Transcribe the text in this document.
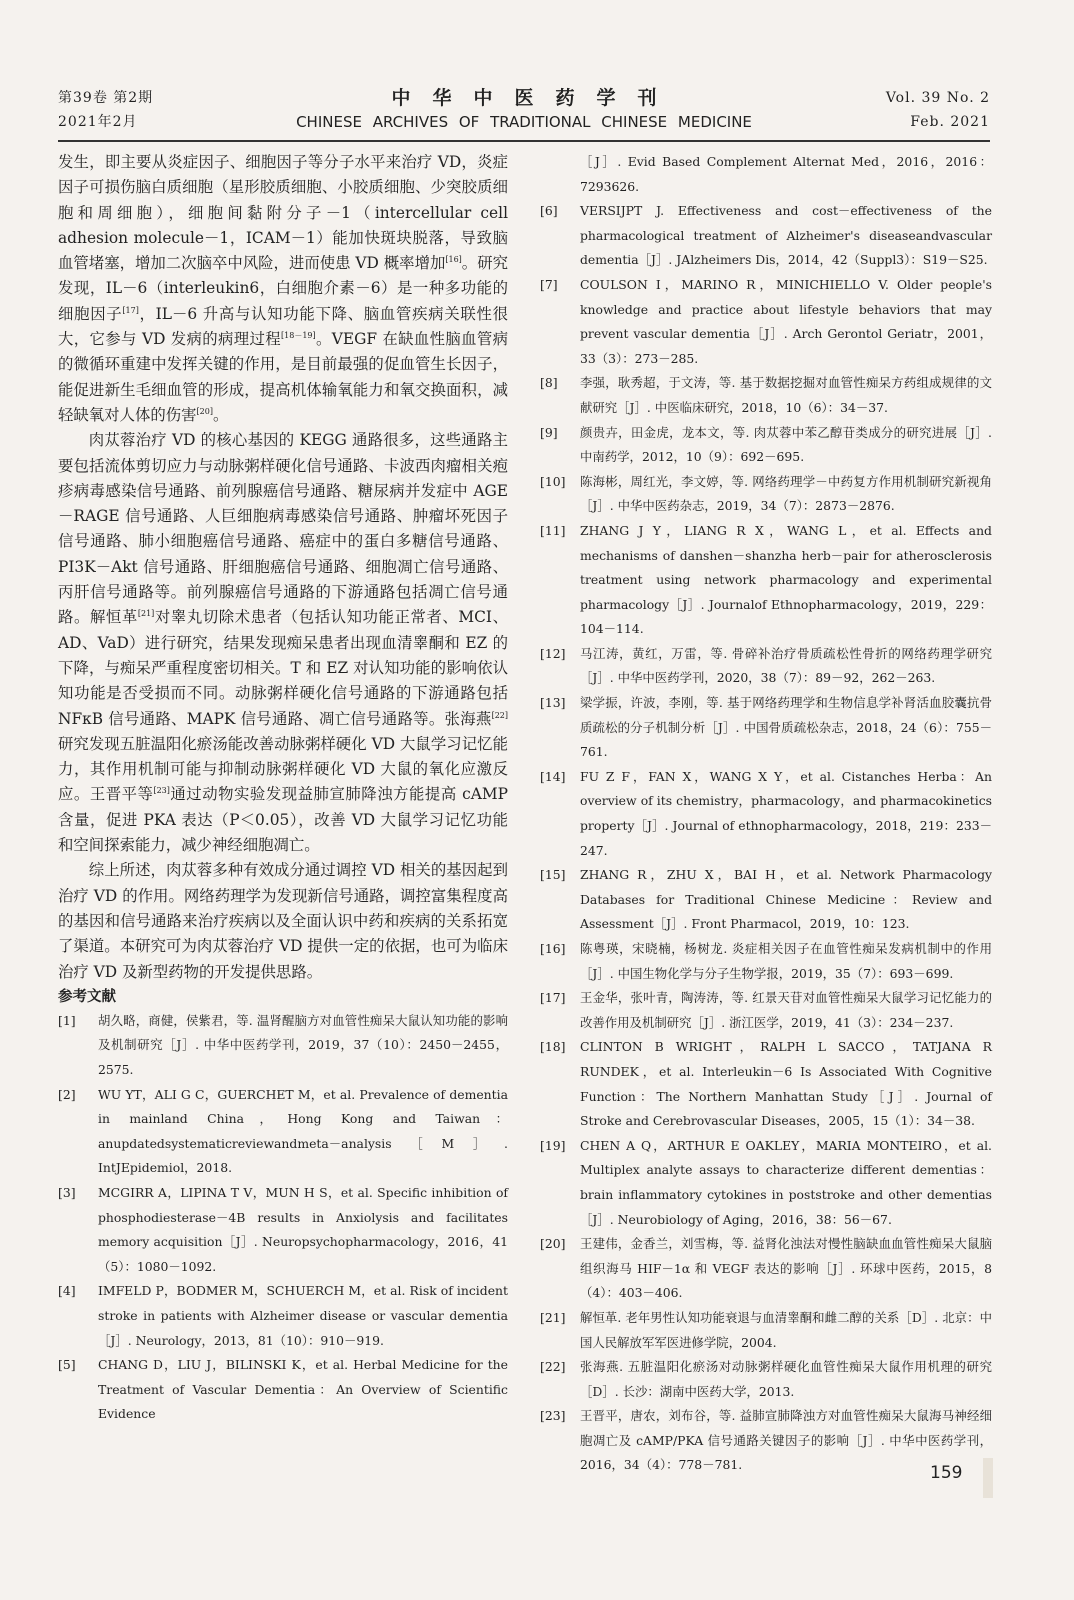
第39卷 第2期
2021年2月
中华中医药学刊
CHINESE ARCHIVES OF TRADITIONAL CHINESE MEDICINE
Vol. 39 No. 2
Feb. 2021

发生，即主要从炎症因子、细胞因子等分子水平来治疗 VD，炎症因子可损伤脑白质细胞（星形胶质细胞、小胶质细胞、少突胶质细胞和周细胞），细胞间黏附分子－1（intercellular cell adhesion molecule－1，ICAM－1）能加快斑块脱落，导致脑血管堵塞，增加二次脑卒中风险，进而使患 VD 概率增加[16]。研究发现，IL－6（interleukin6，白细胞介素－6）是一种多功能的细胞因子[17]，IL－6 升高与认知功能下降、脑血管疾病关联性很大，它参与 VD 发病的病理过程[18－19]。VEGF 在缺血性脑血管病的微循环重建中发挥关键的作用，是目前最强的促血管生长因子，能促进新生毛细血管的形成，提高机体输氧能力和氧交换面积，减轻缺氧对人体的伤害[20]。

肉苁蓉治疗 VD 的核心基因的 KEGG 通路很多，这些通路主要包括流体剪切应力与动脉粥样硬化信号通路、卡波西肉瘤相关疱疹病毒感染信号通路、前列腺癌信号通路、糖尿病并发症中 AGE－RAGE 信号通路、人巨细胞病毒感染信号通路、肿瘤坏死因子信号通路、肺小细胞癌信号通路、癌症中的蛋白多糖信号通路、PI3K－Akt 信号通路、肝细胞癌信号通路、细胞凋亡信号通路、丙肝信号通路等。前列腺癌信号通路的下游通路包括凋亡信号通路。解恒革[21]对睾丸切除术患者（包括认知功能正常者、MCI、AD、VaD）进行研究，结果发现痴呆患者出现血清睾酮和 EZ 的下降，与痴呆严重程度密切相关。T 和 EZ 对认知功能的影响依认知功能是否受损而不同。动脉粥样硬化信号通路的下游通路包括 NFκB 信号通路、MAPK 信号通路、凋亡信号通路等。张海燕[22]研究发现五脏温阳化瘀汤能改善动脉粥样硬化 VD 大鼠学习记忆能力，其作用机制可能与抑制动脉粥样硬化 VD 大鼠的氧化应激反应。王晋平等[23]通过动物实验发现益肺宣肺降浊方能提高 cAMP 含量，促进 PKA 表达（P＜0.05），改善 VD 大鼠学习记忆功能和空间探索能力，减少神经细胞凋亡。

综上所述，肉苁蓉多种有效成分通过调控 VD 相关的基因起到治疗 VD 的作用。网络药理学为发现新信号通路，调控富集程度高的基因和信号通路来治疗疾病以及全面认识中药和疾病的关系拓宽了渠道。本研究可为肉苁蓉治疗 VD 提供一定的依据，也可为临床治疗 VD 及新型药物的开发提供思路。

参考文献

[1]	胡久略，商健，侯紫君，等. 温肾醒脑方对血管性痴呆大鼠认知功能的影响及机制研究［J］. 中华中医药学刊，2019，37（10）：2450－2455，2575.
[2]	WU YT，ALI G C，GUERCHET M，et al. Prevalence of dementia in mainland China，Hong Kong and Taiwan：anupdatedsystematicreviewandmeta－analysis［M］. IntJEpidemiol，2018.
[3]	MCGIRR A，LIPINA T V，MUN H S，et al. Specific inhibition of phosphodiesterase－4B results in Anxiolysis and facilitates memory acquisition［J］. Neuropsychopharmacology，2016，41（5）：1080－1092.
[4]	IMFELD P，BODMER M，SCHUERCH M，et al. Risk of incident stroke in patients with Alzheimer disease or vascular dementia［J］. Neurology，2013，81（10）：910－919.
[5]	CHANG D，LIU J，BILINSKI K，et al. Herbal Medicine for the Treatment of Vascular Dementia：An Overview of Scientific Evidence
［J］. Evid Based Complement Alternat Med，2016，2016：7293626.
[6]	VERSIJPT J. Effectiveness and cost－effectiveness of the pharmacological treatment of Alzheimer's diseaseandvascular dementia［J］. JAlzheimers Dis，2014，42（Suppl3）：S19－S25.
[7]	COULSON I，MARINO R，MINICHIELLO V. Older people's knowledge and practice about lifestyle behaviors that may prevent vascular dementia［J］. Arch Gerontol Geriatr，2001，33（3）：273－285.
[8]	李强，耿秀超，于文涛，等. 基于数据挖掘对血管性痴呆方药组成规律的文献研究［J］. 中医临床研究，2018，10（6）：34－37.
[9]	颜贵卉，田金虎，龙本文，等. 肉苁蓉中苯乙醇苷类成分的研究进展［J］. 中南药学，2012，10（9）：692－695.
[10]	陈海彬，周红光，李文婷，等. 网络药理学－中药复方作用机制研究新视角［J］. 中华中医药杂志，2019，34（7）：2873－2876.
[11]	ZHANG J Y，LIANG R X，WANG L，et al. Effects and mechanisms of danshen－shanzha herb－pair for atherosclerosis treatment using network pharmacology and experimental pharmacology［J］. Journalof Ethnopharmacology，2019，229：104－114.
[12]	马江涛，黄红，万雷，等. 骨碎补治疗骨质疏松性骨折的网络药理学研究［J］. 中华中医药学刊，2020，38（7）：89－92，262－263.
[13]	梁学振，许波，李刚，等. 基于网络药理学和生物信息学补肾活血胶囊抗骨质疏松的分子机制分析［J］. 中国骨质疏松杂志，2018，24（6）：755－761.
[14]	FU Z F，FAN X，WANG X Y，et al. Cistanches Herba：An overview of its chemistry，pharmacology，and pharmacokinetics property［J］. Journal of ethnopharmacology，2018，219：233－247.
[15]	ZHANG R，ZHU X，BAI H，et al. Network Pharmacology Databases for Traditional Chinese Medicine：Review and Assessment［J］. Front Pharmacol，2019，10：123.
[16]	陈粤瑛，宋晓楠，杨树龙. 炎症相关因子在血管性痴呆发病机制中的作用［J］. 中国生物化学与分子生物学报，2019，35（7）：693－699.
[17]	王金华，张叶青，陶涛涛，等. 红景天苷对血管性痴呆大鼠学习记忆能力的改善作用及机制研究［J］. 浙江医学，2019，41（3）：234－237.
[18]	CLINTON B WRIGHT，RALPH L SACCO，TATJANA R RUNDEK，et al. Interleukin－6 Is Associated With Cognitive Function：The Northern Manhattan Study［J］. Journal of Stroke and Cerebrovascular Diseases，2005，15（1）：34－38.
[19]	CHEN A Q，ARTHUR E OAKLEY，MARIA MONTEIRO，et al. Multiplex analyte assays to characterize different dementias：brain inflammatory cytokines in poststroke and other dementias［J］. Neurobiology of Aging，2016，38：56－67.
[20]	王建伟，金香兰，刘雪梅，等. 益肾化浊法对慢性脑缺血血管性痴呆大鼠脑组织海马 HIF－1α 和 VEGF 表达的影响［J］. 环球中医药，2015，8（4）：403－406.
[21]	解恒革. 老年男性认知功能衰退与血清睾酮和雌二醇的关系［D］. 北京：中国人民解放军军医进修学院，2004.
[22]	张海燕. 五脏温阳化瘀汤对动脉粥样硬化血管性痴呆大鼠作用机理的研究［D］. 长沙：湖南中医药大学，2013.
[23]	王晋平，唐农，刘布谷，等. 益肺宣肺降浊方对血管性痴呆大鼠海马神经细胞凋亡及 cAMP/PKA 信号通路关键因子的影响［J］. 中华中医药学刊，2016，34（4）：778－781.	159
